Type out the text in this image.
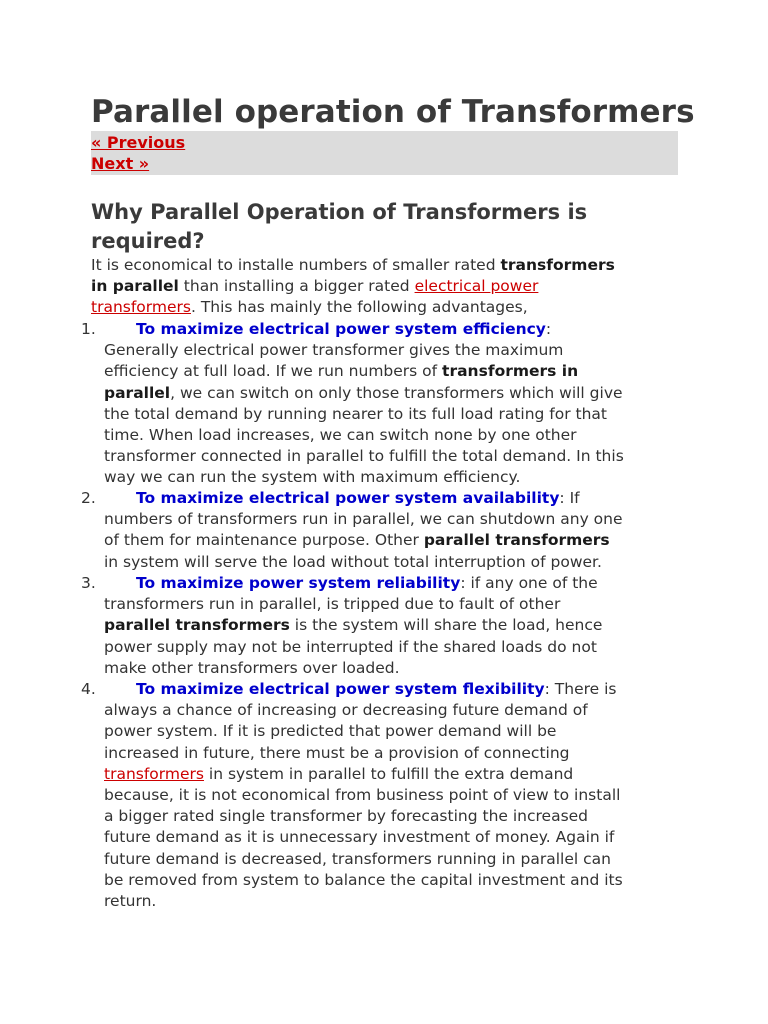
Parallel operation of Transformers
« Previous
Next »
Why Parallel Operation of Transformers is required?

It is economical to installe numbers of smaller rated transformers
in parallel than installing a bigger rated electrical power
transformers. This has mainly the following advantages,

1.	To maximize electrical power system efficiency:
Generally electrical power transformer gives the maximum
efficiency at full load. If we run numbers of transformers in
parallel, we can switch on only those transformers which will give
the total demand by running nearer to its full load rating for that
time. When load increases, we can switch none by one other
transformer connected in parallel to fulfill the total demand. In this
way we can run the system with maximum efficiency.
2.	To maximize electrical power system availability: If
numbers of transformers run in parallel, we can shutdown any one
of them for maintenance purpose. Other parallel transformers
in system will serve the load without total interruption of power.
3.	To maximize power system reliability: if any one of the
transformers run in parallel, is tripped due to fault of other
parallel transformers is the system will share the load, hence
power supply may not be interrupted if the shared loads do not
make other transformers over loaded.
4.	To maximize electrical power system flexibility: There is
always a chance of increasing or decreasing future demand of
power system. If it is predicted that power demand will be
increased in future, there must be a provision of connecting
transformers in system in parallel to fulfill the extra demand
because, it is not economical from business point of view to install
a bigger rated single transformer by forecasting the increased
future demand as it is unnecessary investment of money. Again if
future demand is decreased, transformers running in parallel can
be removed from system to balance the capital investment and its
return.
